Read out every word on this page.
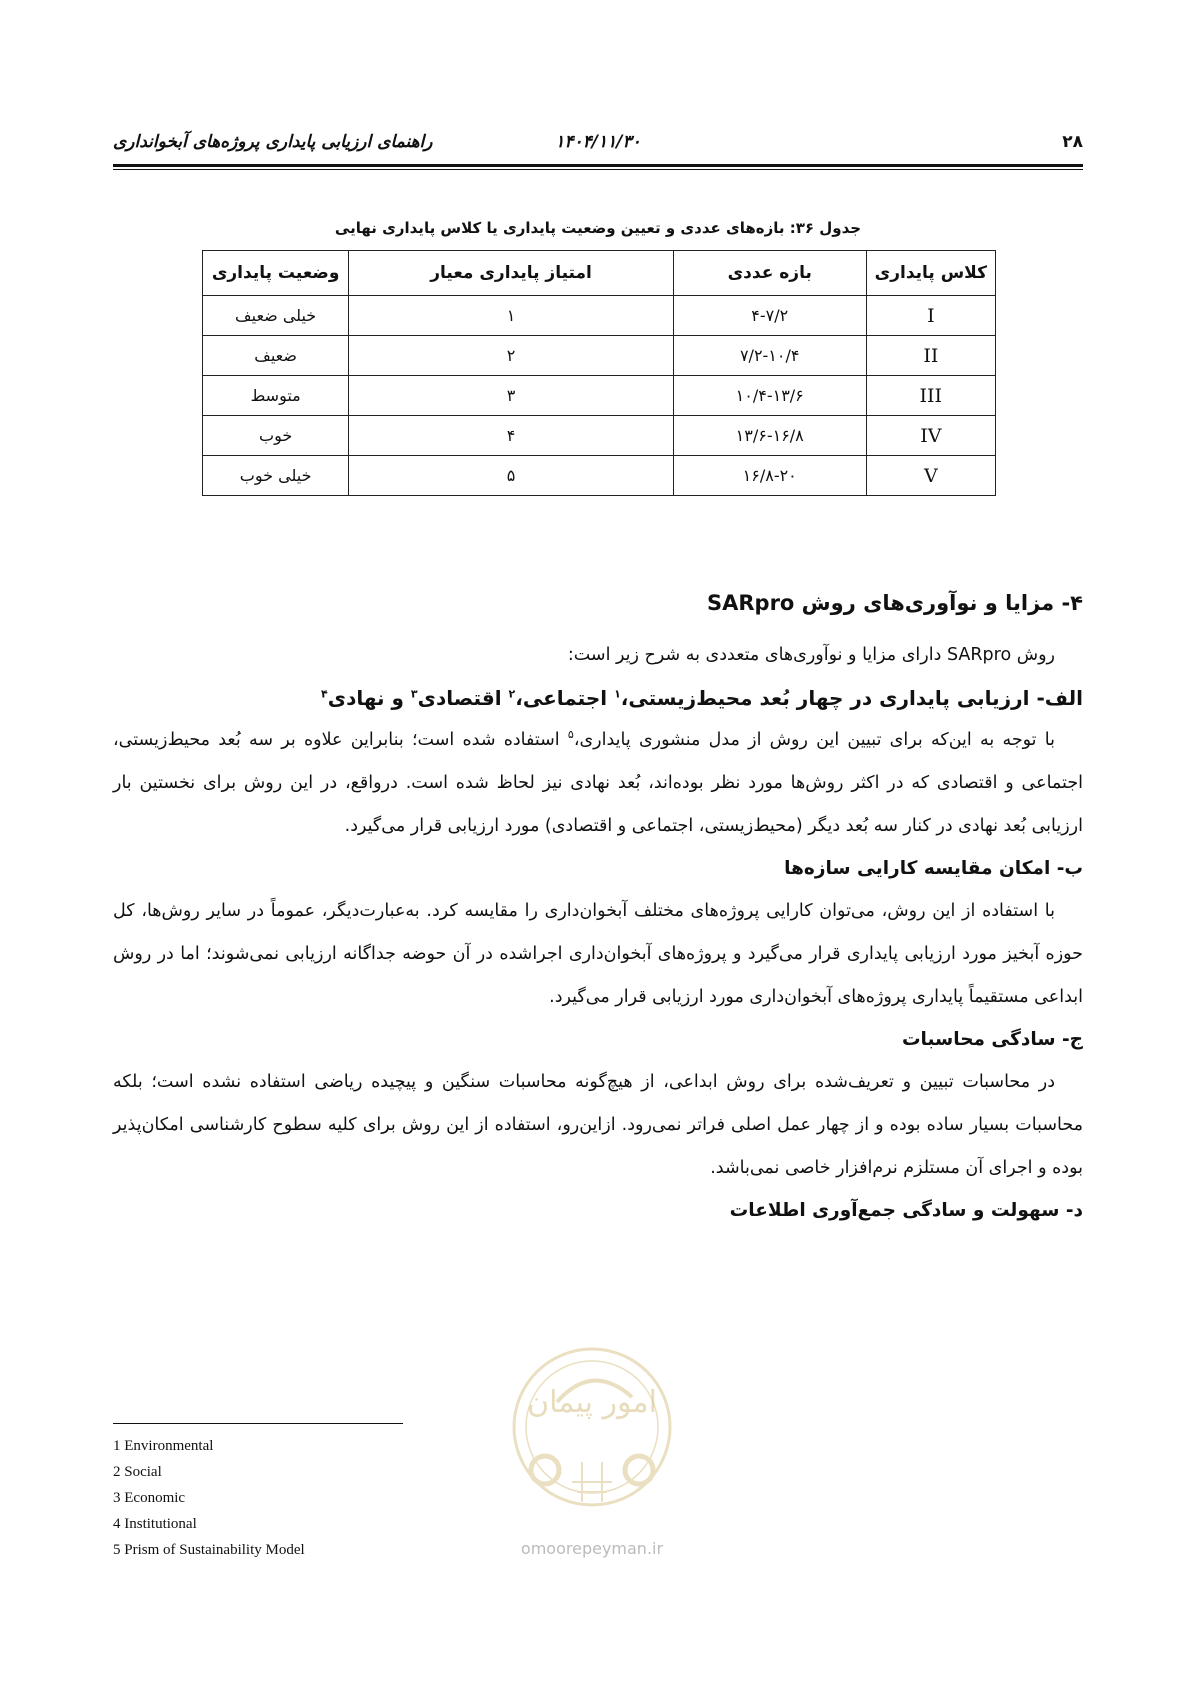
۲۸
۱۴۰۴/۱۱/۳۰
راهنمای ارزیابی پایداری پروژه‌های آبخوانداری
جدول ۳۶: بازه‌های عددی و تعیین وضعیت پایداری یا کلاس پایداری نهایی
کلاس پایداری	بازه عددی	امتیاز پایداری معیار	وضعیت پایداری
I	۴-۷/۲	۱	خیلی ضعیف
II	۷/۲-۱۰/۴	۲	ضعیف
III	۱۰/۴-۱۳/۶	۳	متوسط
IV	۱۳/۶-۱۶/۸	۴	خوب
V	۱۶/۸-۲۰	۵	خیلی خوب
۴- مزایا و نوآوری‌های روش SARpro

روش SARpro دارای مزایا و نوآوری‌های متعددی به شرح زیر است:

الف- ارزیابی پایداری در چهار بُعد محیط‌زیستی،$^۱$ اجتماعی،$^۲$ اقتصادی$^۳$ و نهادی$^۴$

با توجه به این‌که برای تبیین این روش از مدل منشوری پایداری،$^۵$ استفاده شده است؛ بنابراین علاوه بر سه بُعد محیط‌زیستی، اجتماعی و اقتصادی که در اکثر روش‌ها مورد نظر بوده‌اند، بُعد نهادی نیز لحاظ شده است. درواقع، در این روش برای نخستین بار ارزیابی بُعد نهادی در کنار سه بُعد دیگر (محیط‌زیستی، اجتماعی و اقتصادی) مورد ارزیابی قرار می‌گیرد.

ب- امکان مقایسه کارایی سازه‌ها

با استفاده از این روش، می‌توان کارایی پروژه‌های مختلف آبخوان‌داری را مقایسه کرد. به‌عبارت‌دیگر، عموماً در سایر روش‌ها، کل حوزه آبخیز مورد ارزیابی پایداری قرار می‌گیرد و پروژه‌های آبخوان‌داری اجراشده در آن حوضه جداگانه ارزیابی نمی‌شوند؛ اما در روش ابداعی مستقیماً پایداری پروژه‌های آبخوان‌داری مورد ارزیابی قرار می‌گیرد.

ج- سادگی محاسبات

در محاسبات تبیین و تعریف‌شده برای روش ابداعی، از هیچ‌گونه محاسبات سنگین و پیچیده ریاضی استفاده نشده است؛ بلکه محاسبات بسیار ساده بوده و از چهار عمل اصلی فراتر نمی‌رود. ازاین‌رو، استفاده از این روش برای کلیه سطوح کارشناسی امکان‌پذیر بوده و اجرای آن مستلزم نرم‌افزار خاصی نمی‌باشد.

د- سهولت و سادگی جمع‌آوری اطلاعات
امور پیمان
omoorepeyman.ir
1 Environmental
2 Social
3 Economic
4 Institutional
5 Prism of Sustainability Model
